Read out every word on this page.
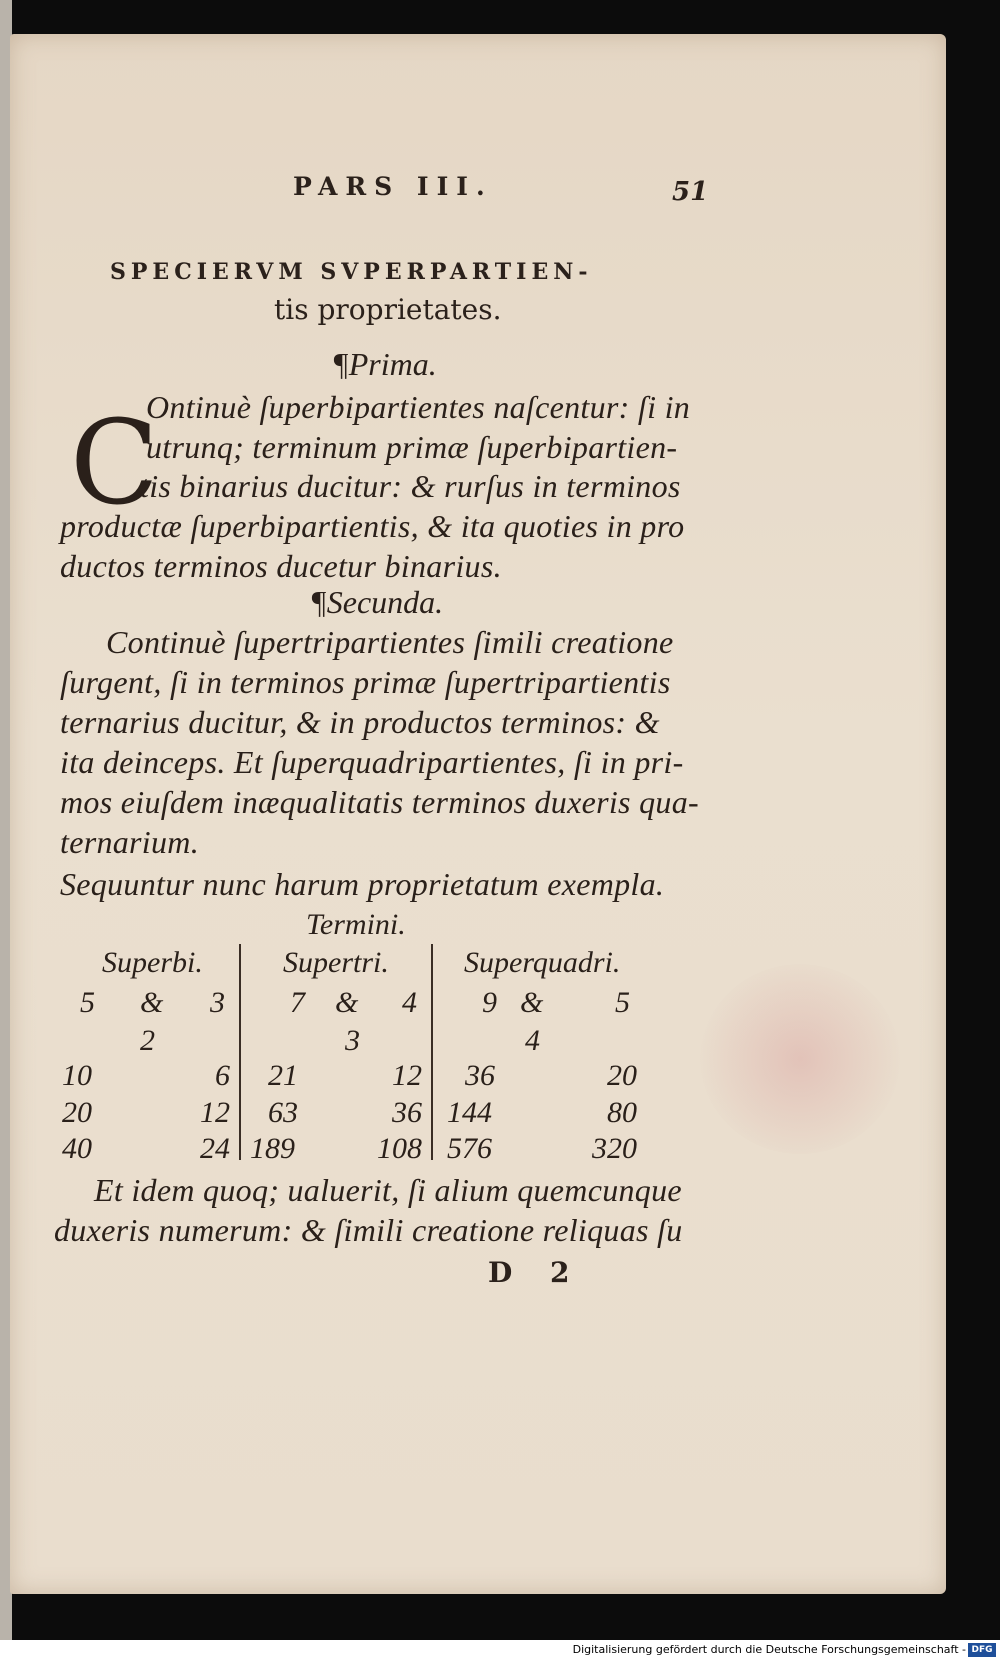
PARS III.	51
SPECIERVM SVPERPARTIEN-
tis proprietates.
¶Prima.
C
Ontinuè ſuperbipartientes naſcentur: ſi in
utrunq; terminum primæ ſuperbipartien-
tis binarius ducitur: & rurſus in terminos
productæ ſuperbipartientis, & ita quoties in pro
ductos terminos ducetur binarius.
¶Secunda.
Continuè ſupertripartientes ſimili creatione
ſurgent, ſi in terminos primæ ſupertripartientis
ternarius ducitur, & in productos terminos: &
ita deinceps. Et ſuperquadripartientes, ſi in pri-
mos eiuſdem inæqualitatis terminos duxeris qua-
ternarium.
Sequuntur nunc harum proprietatum exempla.
Termini.
Superbi.	Supertri.	Superquadri.
5 & 3 7 & 4 9 & 5
2	3	4
10	6 21	12 36	20
20	12 63	36 144	80
40	24 189	108 576	320
Et idem quoq; ualuerit, ſi alium quemcunque
duxeris numerum: & ſimili creatione reliquas ſu
D 2
Digitalisierung gefördert durch die Deutsche Forschungsgemeinschaft - DFG
